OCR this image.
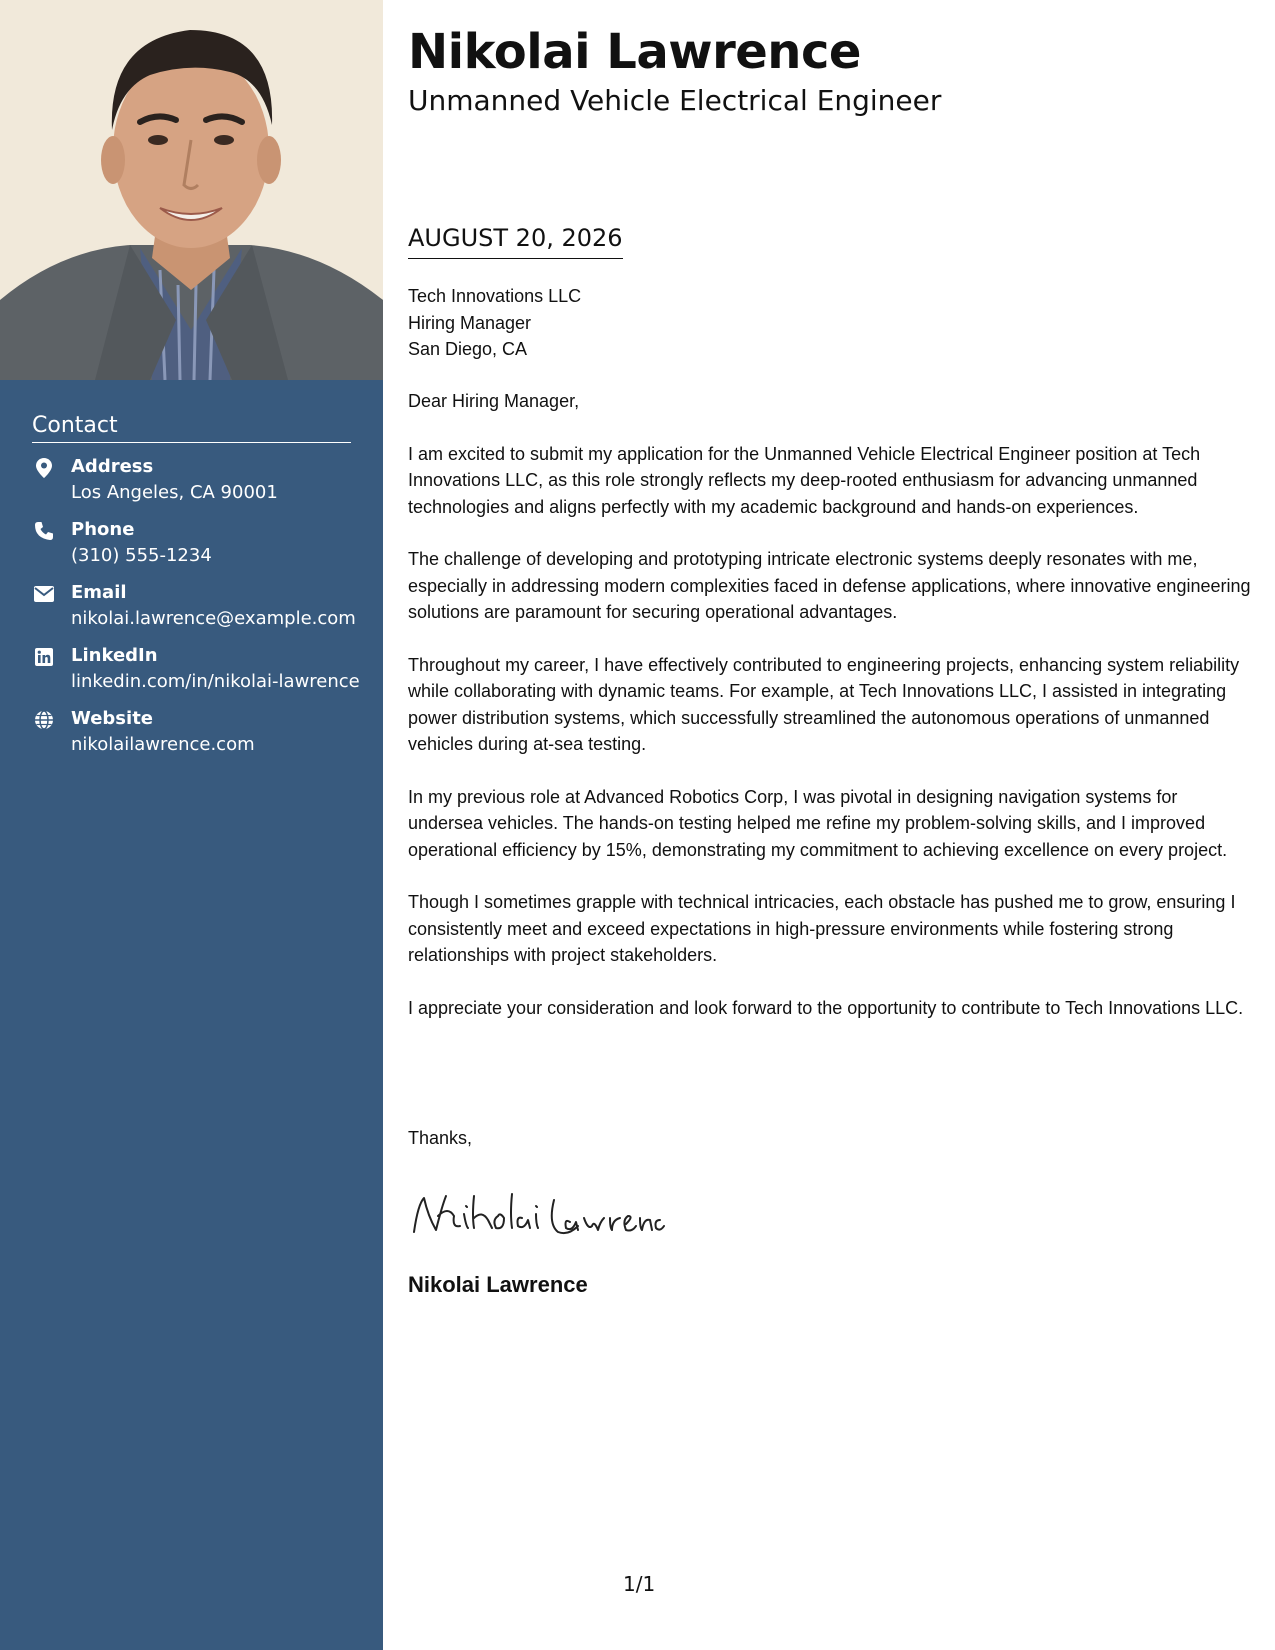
Contact
Address
Los Angeles, CA 90001
Phone
(310) 555-1234
Email
nikolai.lawrence@example.com
LinkedIn
linkedin.com/in/nikolai-lawrence
Website
nikolailawrence.com
Nikolai Lawrence
Unmanned Vehicle Electrical Engineer
AUGUST 20, 2026
Tech Innovations LLC
Hiring Manager
San Diego, CA

Dear Hiring Manager,

I am excited to submit my application for the Unmanned Vehicle Electrical Engineer position at Tech Innovations LLC, as this role strongly reflects my deep-rooted enthusiasm for advancing unmanned technologies and aligns perfectly with my academic background and hands-on experiences.

The challenge of developing and prototyping intricate electronic systems deeply resonates with me, especially in addressing modern complexities faced in defense applications, where innovative engineering solutions are paramount for securing operational advantages.

Throughout my career, I have effectively contributed to engineering projects, enhancing system reliability while collaborating with dynamic teams. For example, at Tech Innovations LLC, I assisted in integrating power distribution systems, which successfully streamlined the autonomous operations of unmanned vehicles during at-sea testing.

In my previous role at Advanced Robotics Corp, I was pivotal in designing navigation systems for undersea vehicles. The hands-on testing helped me refine my problem-solving skills, and I improved operational efficiency by 15%, demonstrating my commitment to achieving excellence on every project.

Though I sometimes grapple with technical intricacies, each obstacle has pushed me to grow, ensuring I consistently meet and exceed expectations in high-pressure environments while fostering strong relationships with project stakeholders.

I appreciate your consideration and look forward to the opportunity to contribute to Tech Innovations LLC.

Thanks,
Nikolai Lawrence
1/1
